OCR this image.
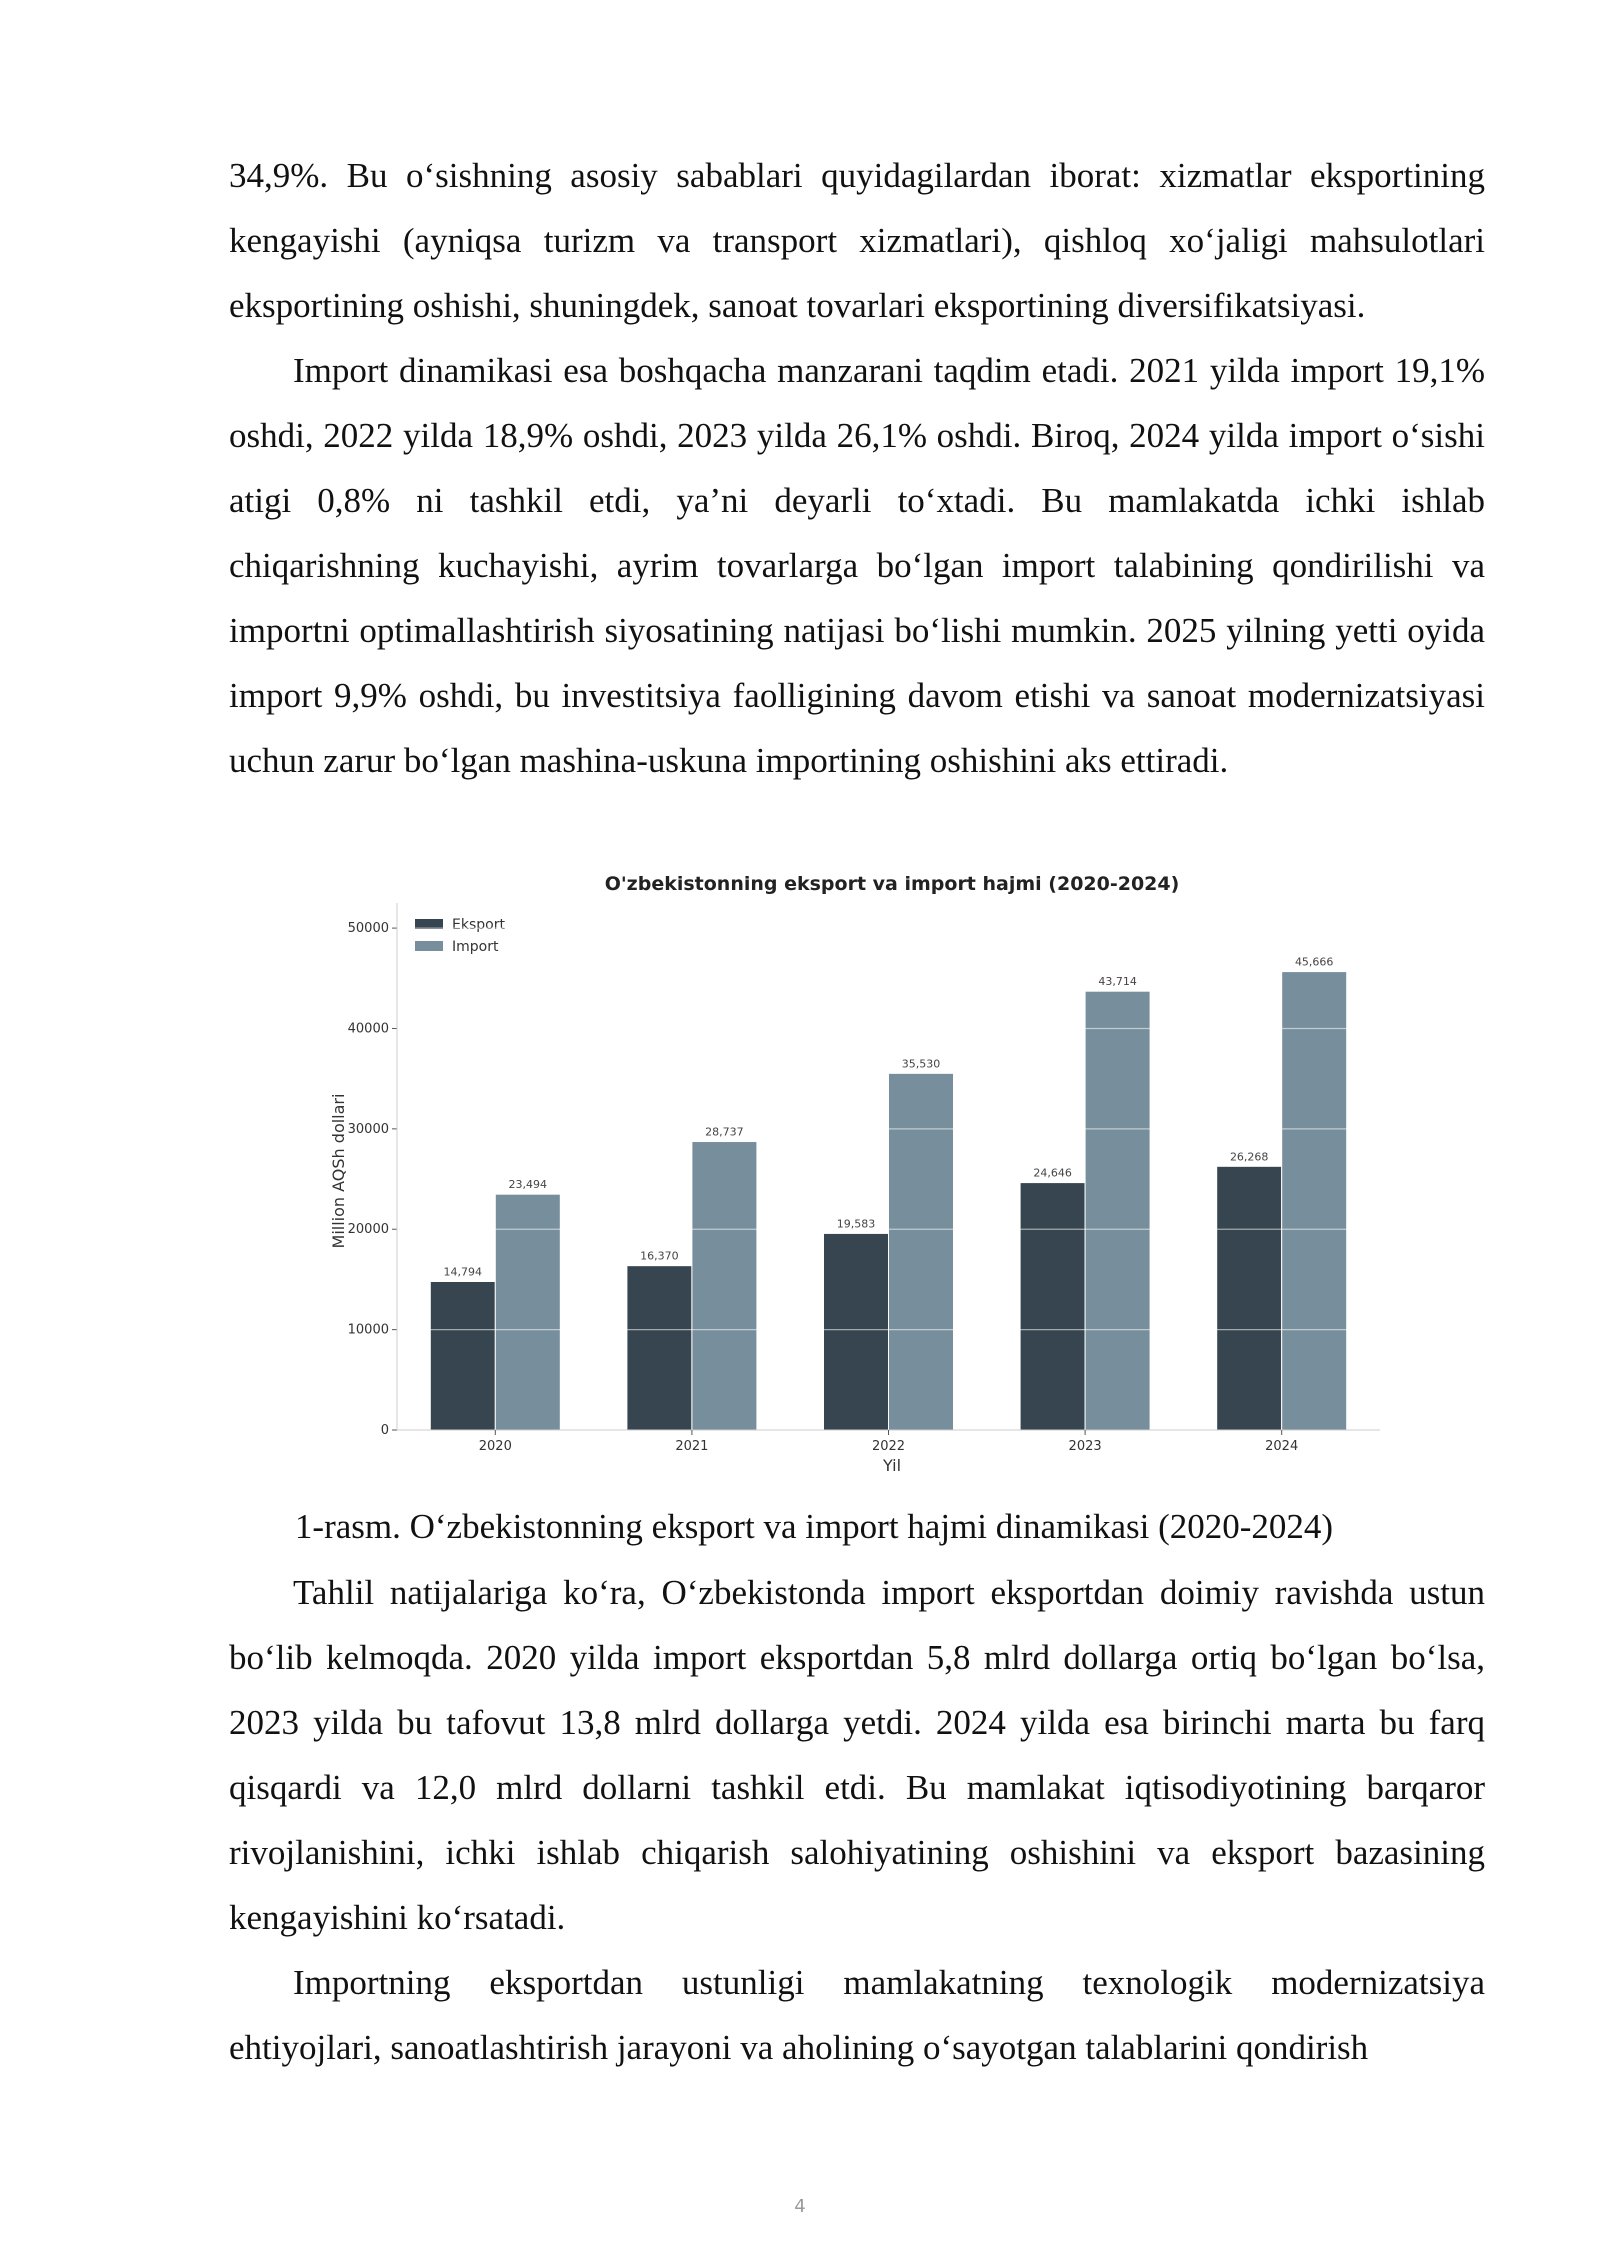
34,9%. Bu o‘sishning asosiy sabablari quyidagilardan iborat: xizmatlar eksportining kengayishi (ayniqsa turizm va transport xizmatlari), qishloq xo‘jaligi mahsulotlari eksportining oshishi, shuningdek, sanoat tovarlari eksportining diversifikatsiyasi.

Import dinamikasi esa boshqacha manzarani taqdim etadi. 2021 yilda import 19,1% oshdi, 2022 yilda 18,9% oshdi, 2023 yilda 26,1% oshdi. Biroq, 2024 yilda import o‘sishi atigi 0,8% ni tashkil etdi, ya’ni deyarli to‘xtadi. Bu mamlakatda ichki ishlab chiqarishning kuchayishi, ayrim tovarlarga bo‘lgan import talabining qondirilishi va importni optimallashtirish siyosatining natijasi bo‘lishi mumkin. 2025 yilning yetti oyida import 9,9% oshdi, bu investitsiya faolligining davom etishi va sanoat modernizatsiyasi uchun zarur bo‘lgan mashina-uskuna importining oshishini aks ettiradi.

O'zbekistonning eksport va import hajmi (2020-2024)
Million AQSh dollari
Yil
Eksport
Import
14,794
23,494
16,370
28,737
19,583
35,530
24,646
43,714
26,268
45,666
0
10000
20000
30000
40000
50000
2020	2021	2022	2023	2024
1-rasm. O‘zbekistonning eksport va import hajmi dinamikasi (2020-2024)

Tahlil natijalariga ko‘ra, O‘zbekistonda import eksportdan doimiy ravishda ustun bo‘lib kelmoqda. 2020 yilda import eksportdan 5,8 mlrd dollarga ortiq bo‘lgan bo‘lsa, 2023 yilda bu tafovut 13,8 mlrd dollarga yetdi. 2024 yilda esa birinchi marta bu farq qisqardi va 12,0 mlrd dollarni tashkil etdi. Bu mamlakat iqtisodiyotining barqaror rivojlanishini, ichki ishlab chiqarish salohiyatining oshishini va eksport bazasining kengayishini ko‘rsatadi.

Importning eksportdan ustunligi mamlakatning texnologik modernizatsiya ehtiyojlari, sanoatlashtirish jarayoni va aholining o‘sayotgan talablarini qondirish

4
